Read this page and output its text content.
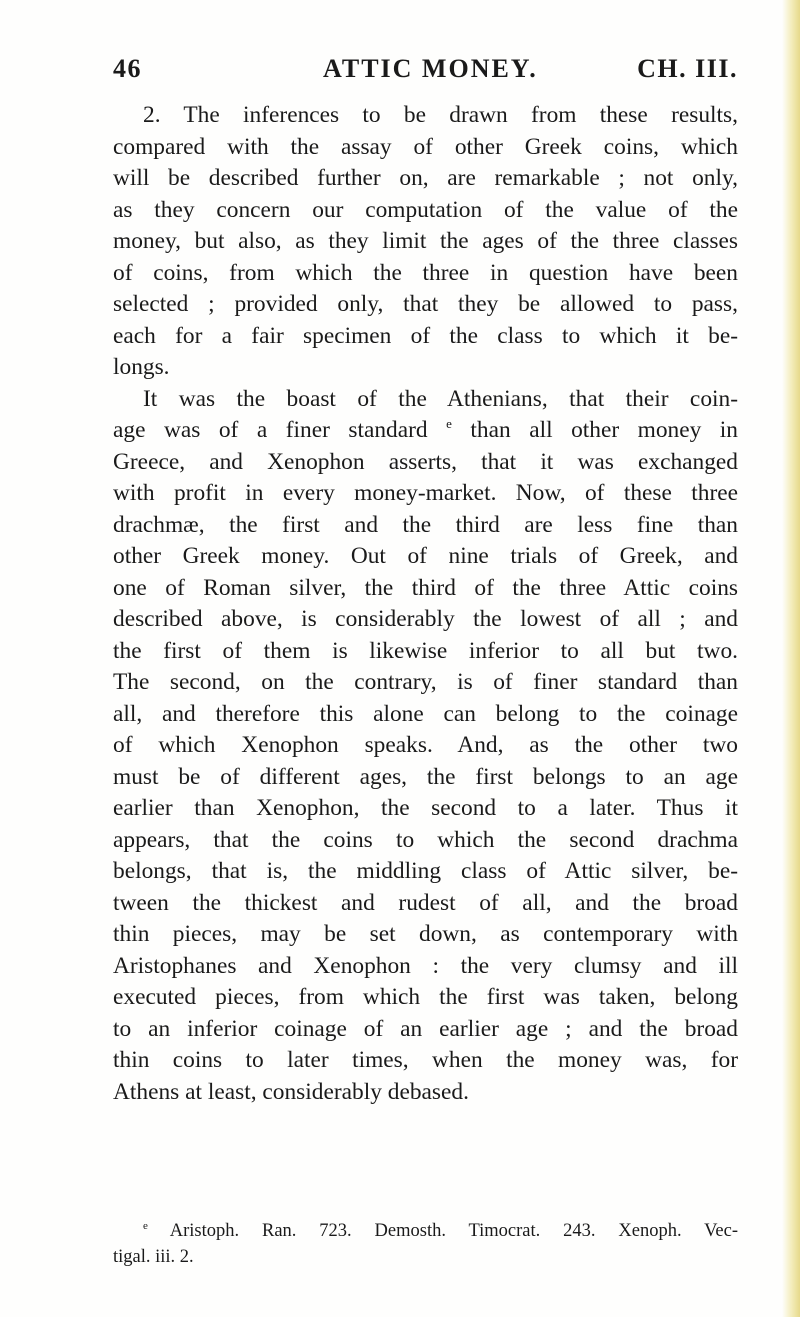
46	ATTIC MONEY.	CH. III.
2. The inferences to be drawn from these results,
compared with the assay of other Greek coins, which
will be described further on, are remarkable ; not only,
as they concern our computation of the value of the
money, but also, as they limit the ages of the three classes
of coins, from which the three in question have been
selected ; provided only, that they be allowed to pass,
each for a fair specimen of the class to which it be-
longs.
It was the boast of the Athenians, that their coin-
age was of a finer standard $^e$ than all other money in
Greece, and Xenophon asserts, that it was exchanged
with profit in every money-market. Now, of these three
drachmæ, the first and the third are less fine than
other Greek money. Out of nine trials of Greek, and
one of Roman silver, the third of the three Attic coins
described above, is considerably the lowest of all ; and
the first of them is likewise inferior to all but two.
The second, on the contrary, is of finer standard than
all, and therefore this alone can belong to the coinage
of which Xenophon speaks. And, as the other two
must be of different ages, the first belongs to an age
earlier than Xenophon, the second to a later. Thus it
appears, that the coins to which the second drachma
belongs, that is, the middling class of Attic silver, be-
tween the thickest and rudest of all, and the broad
thin pieces, may be set down, as contemporary with
Aristophanes and Xenophon : the very clumsy and ill
executed pieces, from which the first was taken, belong
to an inferior coinage of an earlier age ; and the broad
thin coins to later times, when the money was, for
Athens at least, considerably debased.
$^e$ Aristoph. Ran. 723. Demosth. Timocrat. 243. Xenoph. Vec-
tigal. iii. 2.
